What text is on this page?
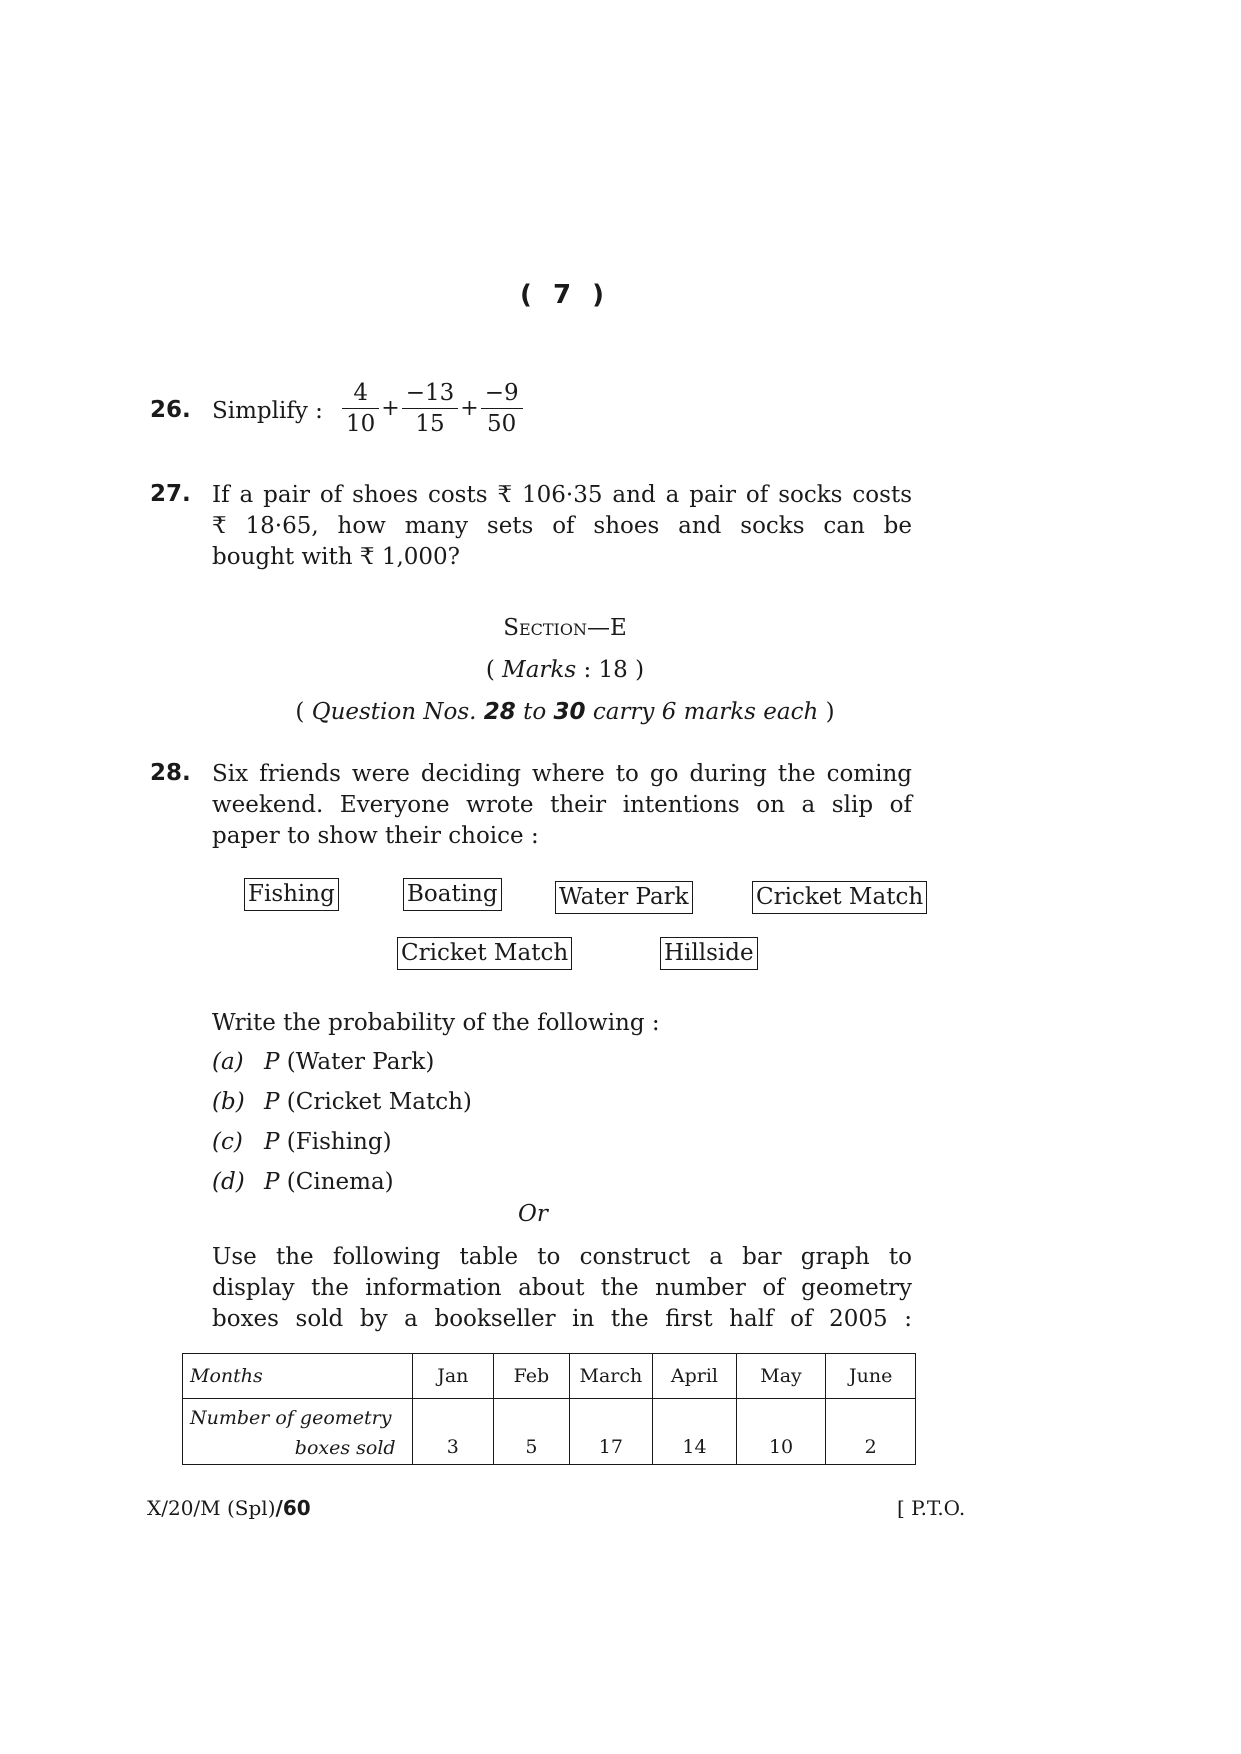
( 7 )
26. Simplify : $\frac{4}{10} + \frac{-13}{15} + \frac{-9}{50}$
27. If a pair of shoes costs ₹ 106·35 and a pair of socks costs
₹ 18·65, how many sets of shoes and socks can be
bought with ₹ 1,000?
Section—E
( Marks : 18 )
( Question Nos. 28 to 30 carry 6 marks each )
28. Six friends were deciding where to go during the coming
weekend. Everyone wrote their intentions on a slip of
paper to show their choice :
Fishing	Boating	Water Park	Cricket Match
Cricket Match	Hillside
Write the probability of the following :
(a) P (Water Park)
(b) P (Cricket Match)
(c) P (Fishing)
(d) P (Cinema)
Or
Use the following table to construct a bar graph to
display the information about the number of geometry
boxes sold by a bookseller in the first half of 2005 :
Months	Jan	Feb	March	April	May	June

Number of geometry
boxes sold	3	5	17	14	10	2
X/20/M (Spl)/60	[ P.T.O.
